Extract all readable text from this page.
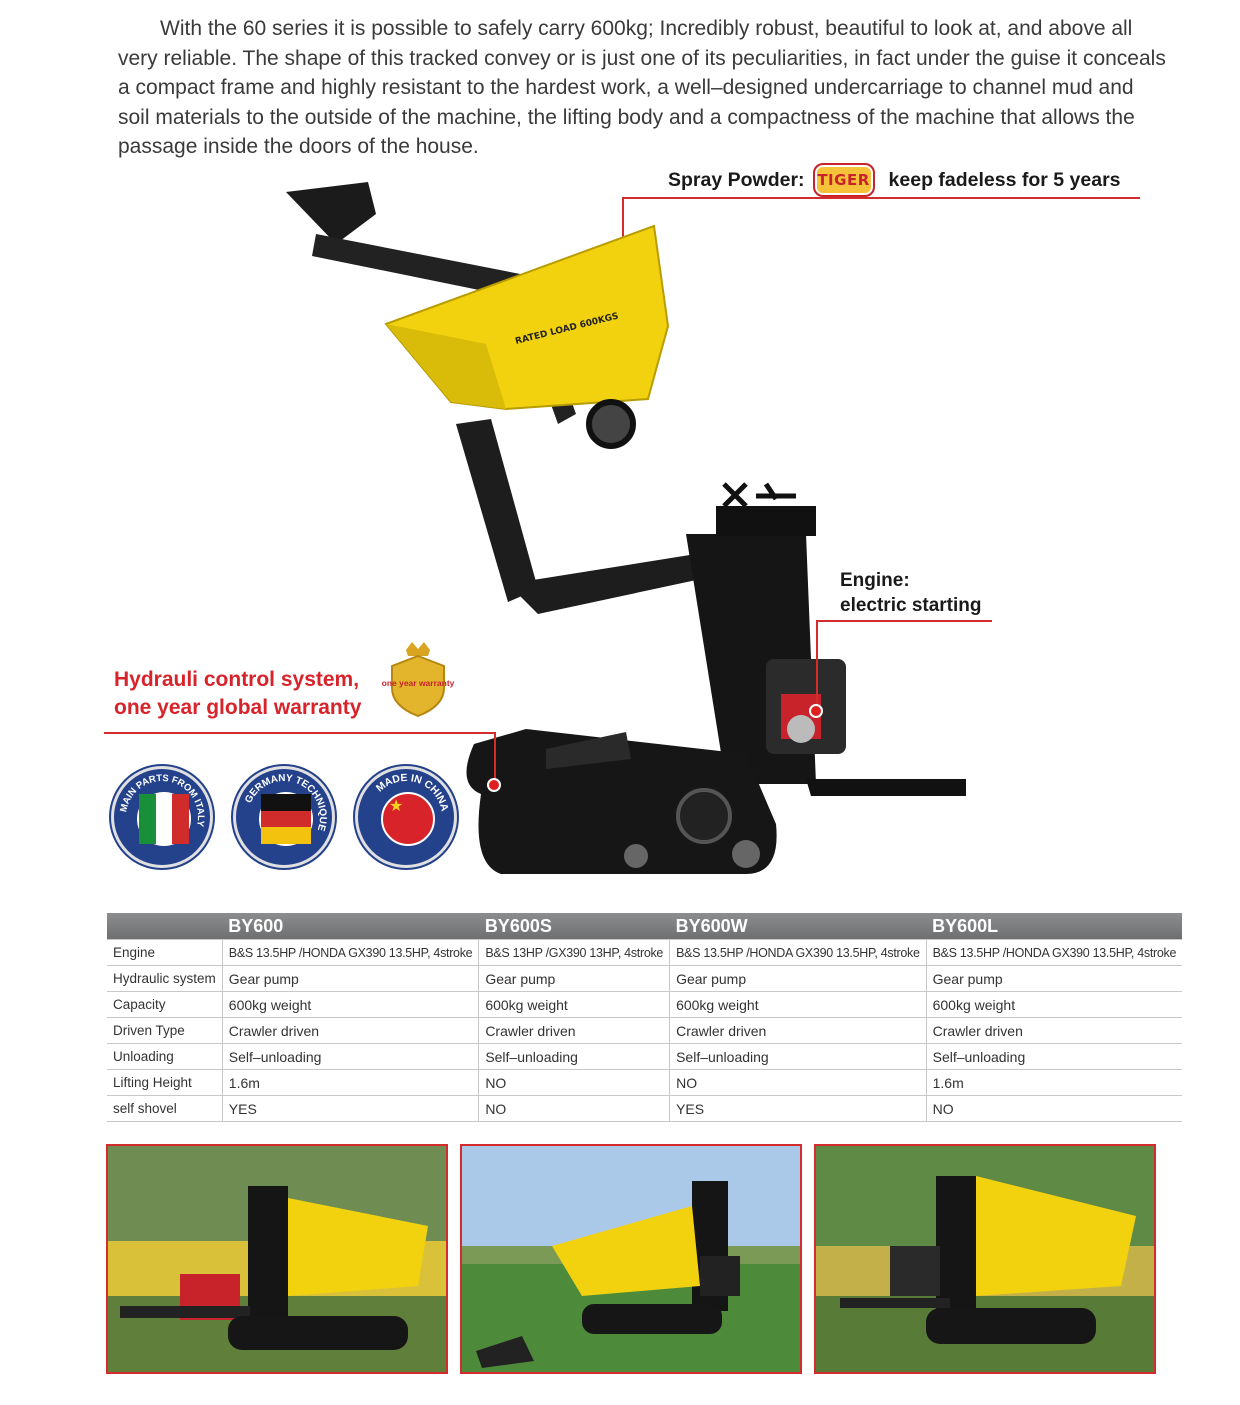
With the 60 series it is possible to safely carry 600kg; Incredibly robust, beautiful to look at, and above all very reliable. The shape of this tracked convey or is just one of its peculiarities, in fact under the guise it conceals a compact frame and highly resistant to the hardest work, a well–designed undercarriage to channel mud and soil materials to the outside of the machine, the lifting body and a compactness of the machine that allows the passage inside the doors of the house.

Spray Powder: TIGER keep fadeless for 5 years
RATED LOAD 600KGS
Engine:
electric starting
Hydrauli control system,
one year global warranty
one year warranty
MAIN PARTS FROM ITALY
GERMANY TECHNIQUE
★
MADE IN CHINA
	BY600	BY600S	BY600W	BY600L
Engine	B&S 13.5HP /HONDA GX390 13.5HP, 4stroke	B&S 13HP /GX390 13HP, 4stroke	B&S 13.5HP /HONDA GX390 13.5HP, 4stroke	B&S 13.5HP /HONDA GX390 13.5HP, 4stroke
Hydraulic system	Gear pump	Gear pump	Gear pump	Gear pump
Capacity	600kg weight	600kg weight	600kg weight	600kg weight
Driven Type	Crawler driven	Crawler driven	Crawler driven	Crawler driven
Unloading	Self–unloading	Self–unloading	Self–unloading	Self–unloading
Lifting Height	1.6m	NO	NO	1.6m
self shovel	YES	NO	YES	NO
